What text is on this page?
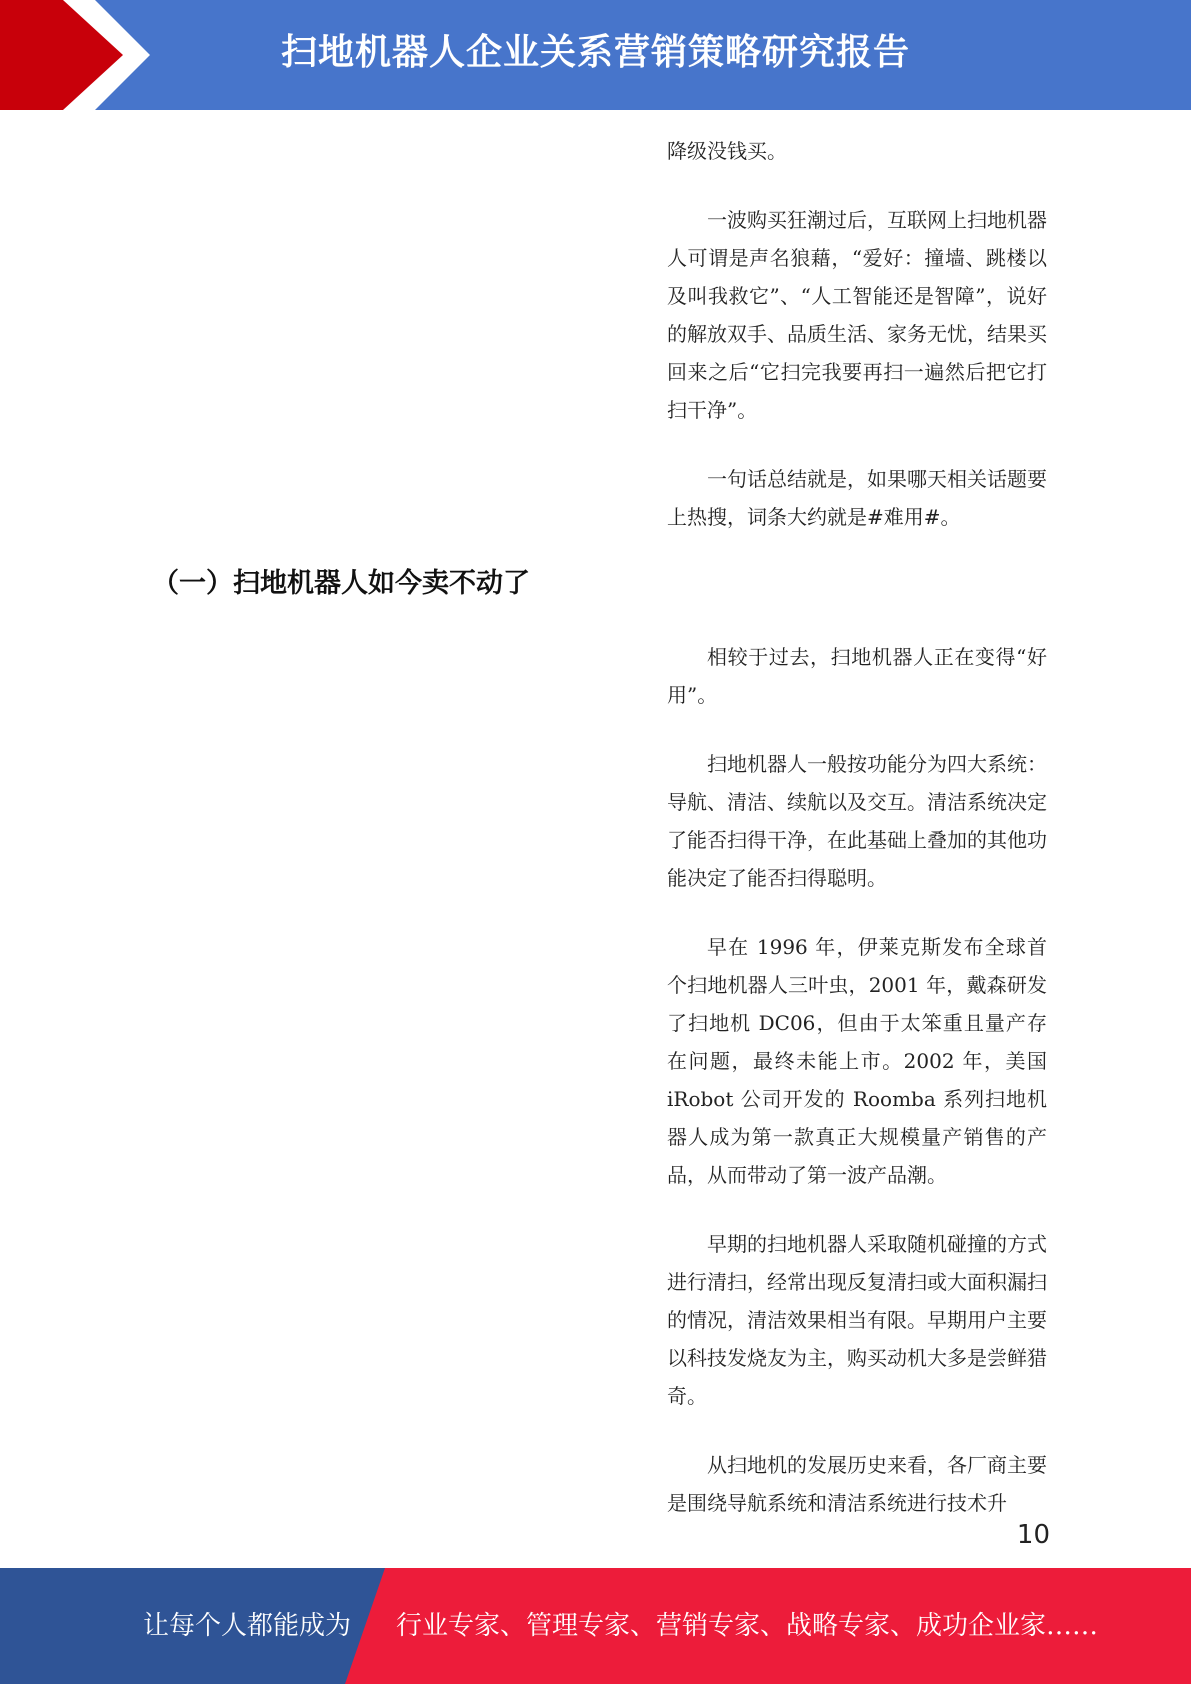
扫地机器人企业关系营销策略研究报告

降级没钱买。

一波购买狂潮过后，互联网上扫地机器人可谓是声名狼藉，“爱好：撞墙、跳楼以及叫我救它”、“人工智能还是智障”，说好的解放双手、品质生活、家务无忧，结果买回来之后“它扫完我要再扫一遍然后把它打扫干净”。

一句话总结就是，如果哪天相关话题要上热搜，词条大约就是#难用#。

（一）扫地机器人如今卖不动了

相较于过去，扫地机器人正在变得“好用”。

扫地机器人一般按功能分为四大系统：导航、清洁、续航以及交互。清洁系统决定了能否扫得干净，在此基础上叠加的其他功能决定了能否扫得聪明。

早在 1996 年，伊莱克斯发布全球首个扫地机器人三叶虫，2001 年，戴森研发了扫地机 DC06，但由于太笨重且量产存在问题，最终未能上市。2002 年，美国 iRobot 公司开发的 Roomba 系列扫地机器人成为第一款真正大规模量产销售的产品，从而带动了第一波产品潮。

早期的扫地机器人采取随机碰撞的方式进行清扫，经常出现反复清扫或大面积漏扫的情况，清洁效果相当有限。早期用户主要以科技发烧友为主，购买动机大多是尝鲜猎奇。

从扫地机的发展历史来看，各厂商主要是围绕导航系统和清洁系统进行技术升

10
让每个人都能成为 行业专家、管理专家、营销专家、战略专家、成功企业家……
